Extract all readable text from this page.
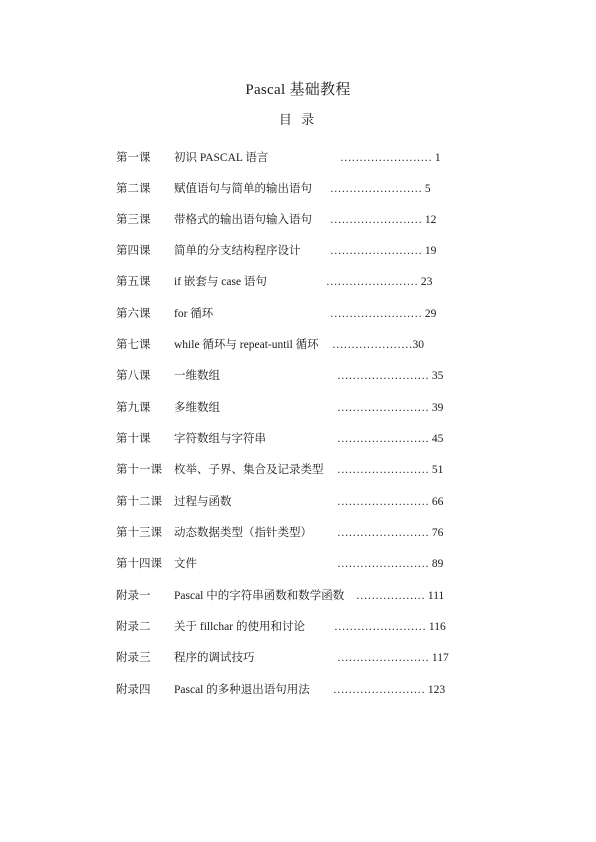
Pascal 基础教程
目 录
第一课 初识 PASCAL 语言	…………………… 1
第二课 赋值语句与简单的输出语句 …………………… 5
第三课 带格式的输出语句输入语句 …………………… 12
第四课 简单的分支结构程序设计	…………………… 19
第五课 if 嵌套与 case 语句	…………………… 23
第六课 for 循环	…………………… 29
第七课 while 循环与 repeat-until 循环 …………………30
第八课 一维数组	…………………… 35
第九课 多维数组	…………………… 39
第十课 字符数组与字符串	…………………… 45
第十一课 枚举、子界、集合及记录类型 …………………… 51
第十二课 过程与函数	…………………… 66
第十三课 动态数据类型（指针类型） …………………… 76
第十四课 文件	…………………… 89
附录一 Pascal 中的字符串函数和数学函数 ……………… 111
附录二 关于 fillchar 的使用和讨论	…………………… 116
附录三 程序的调试技巧	…………………… 117
附录四 Pascal 的多种退出语句用法 …………………… 123
